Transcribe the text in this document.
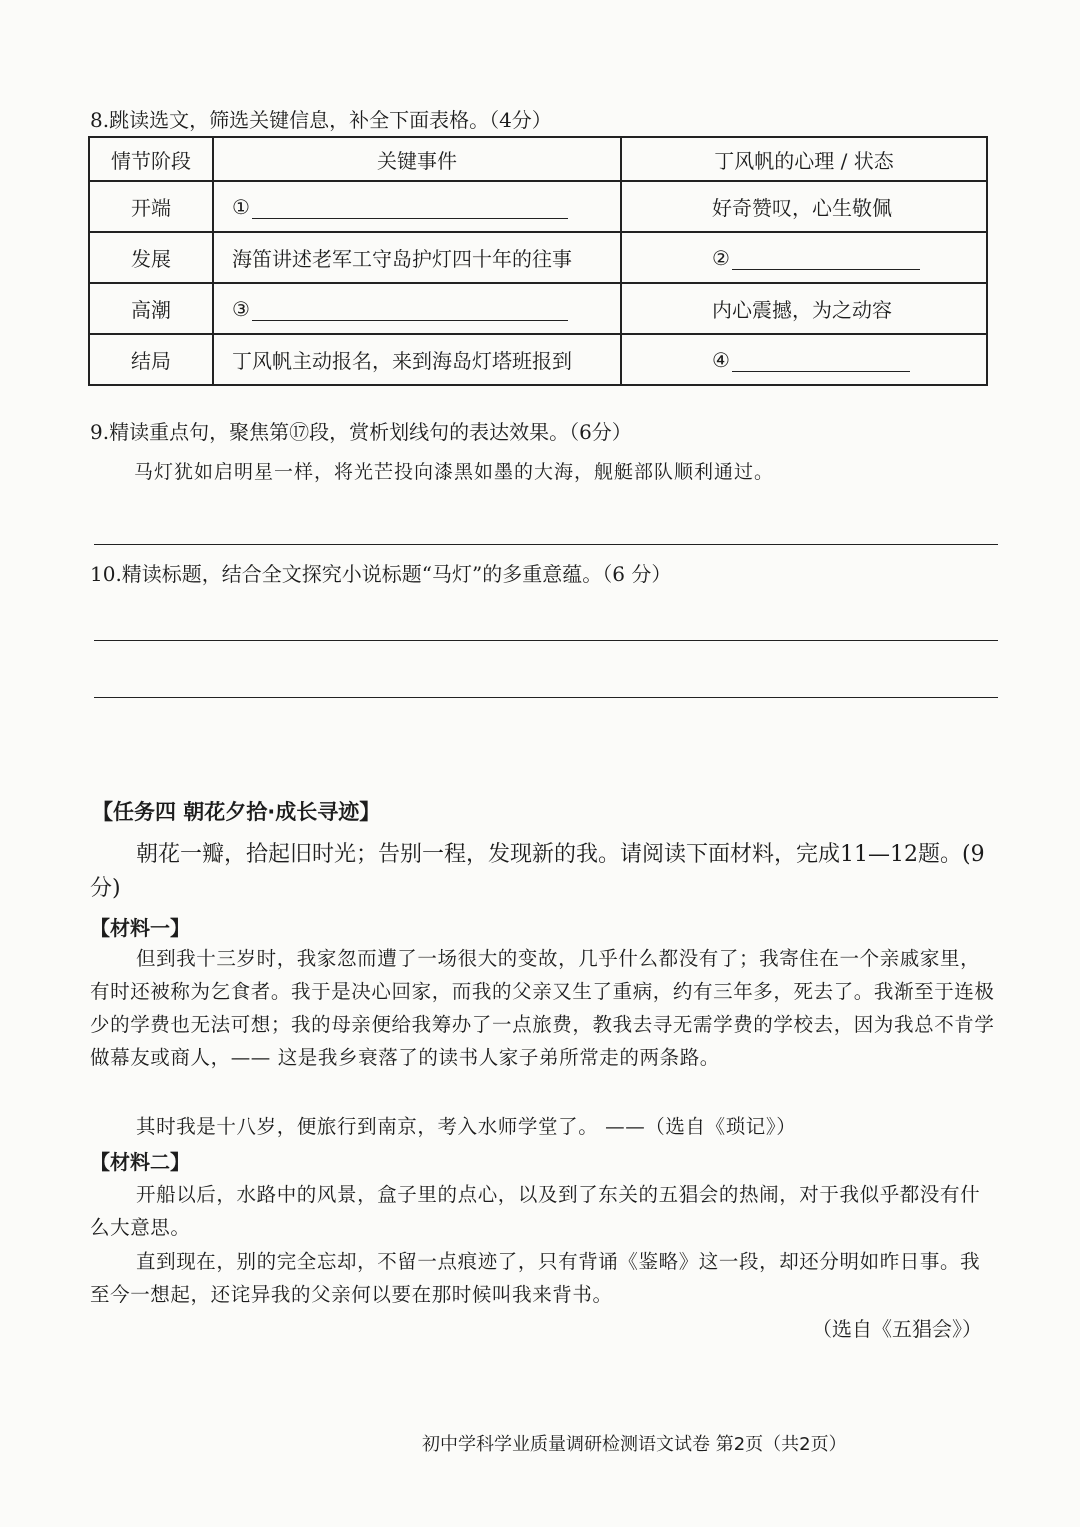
8.跳读选文，筛选关键信息，补全下面表格。（4分）
情节阶段	关键事件	丁风帆的心理 / 状态
开端	①	好奇赞叹，心生敬佩
发展	海笛讲述老军工守岛护灯四十年的往事	②
高潮	③	内心震撼，为之动容
结局	丁风帆主动报名，来到海岛灯塔班报到	④
9.精读重点句，聚焦第⑰段，赏析划线句的表达效果。（6分）
马灯犹如启明星一样，将光芒投向漆黑如墨的大海，舰艇部队顺利通过。
10.精读标题，结合全文探究小说标题“马灯”的多重意蕴。（6 分）
【任务四 朝花夕拾·成长寻迹】
朝花一瓣，拾起旧时光；告别一程，发现新的我。请阅读下面材料，完成11—12题。(9分)
【材料一】
但到我十三岁时，我家忽而遭了一场很大的变故，几乎什么都没有了；我寄住在一个亲戚家里，有时还被称为乞食者。我于是决心回家，而我的父亲又生了重病，约有三年多，死去了。我渐至于连极少的学费也无法可想；我的母亲便给我筹办了一点旅费，教我去寻无需学费的学校去，因为我总不肯学做幕友或商人，—— 这是我乡衰落了的读书人家子弟所常走的两条路。
其时我是十八岁，便旅行到南京，考入水师学堂了。 ——（选自《琐记》）
【材料二】
开船以后，水路中的风景，盒子里的点心，以及到了东关的五猖会的热闹，对于我似乎都没有什么大意思。
直到现在，别的完全忘却，不留一点痕迹了，只有背诵《鉴略》这一段，却还分明如昨日事。我至今一想起，还诧异我的父亲何以要在那时候叫我来背书。
（选自《五猖会》）
初中学科学业质量调研检测语文试卷 第2页（共2页）
